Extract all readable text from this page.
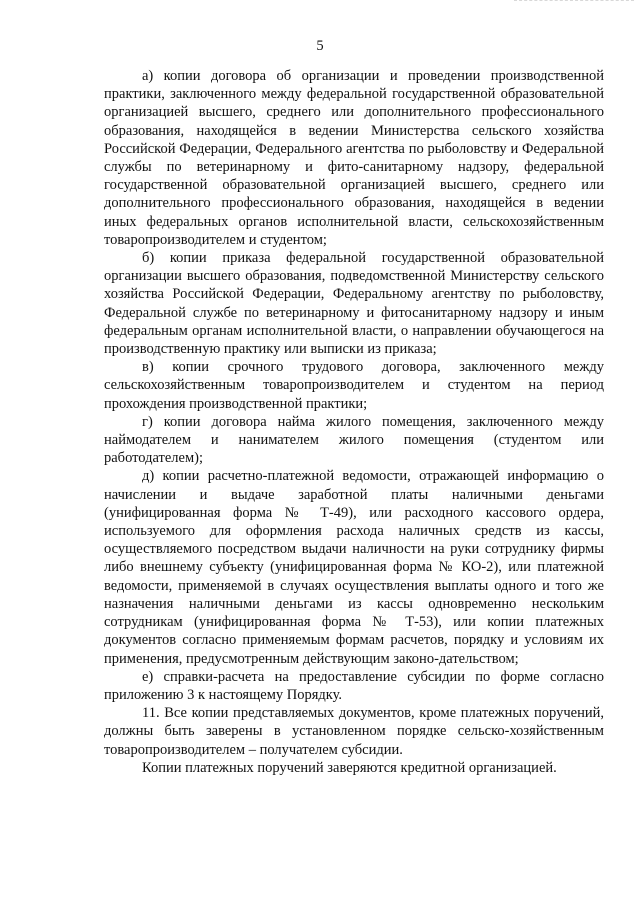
5

а) копии договора об организации и проведении производственной практики, заключенного между федеральной государственной образовательной организацией высшего, среднего или дополнительного профессионального образования, находящейся в ведении Министерства сельского хозяйства Российской Федерации, Федерального агентства по рыболовству и Федеральной службы по ветеринарному и фито-санитарному надзору, федеральной государственной образовательной организацией высшего, среднего или дополнительного профессионального образования, находящейся в ведении иных федеральных органов исполнительной власти, сельскохозяйственным товаропроизводителем и студентом;

б) копии приказа федеральной государственной образовательной организации высшего образования, подведомственной Министерству сельского хозяйства Российской Федерации, Федеральному агентству по рыболовству, Федеральной службе по ветеринарному и фитосанитарному надзору и иным федеральным органам исполнительной власти, о направлении обучающегося на производственную практику или выписки из приказа;

в) копии срочного трудового договора, заключенного между сельскохозяйственным товаропроизводителем и студентом на период прохождения производственной практики;

г) копии договора найма жилого помещения, заключенного между наймодателем и нанимателем жилого помещения (студентом или работодателем);

д) копии расчетно-платежной ведомости, отражающей информацию о начислении и выдаче заработной платы наличными деньгами (унифицированная форма № Т-49), или расходного кассового ордера, используемого для оформления расхода наличных средств из кассы, осуществляемого посредством выдачи наличности на руки сотруднику фирмы либо внешнему субъекту (унифицированная форма № КО-2), или платежной ведомости, применяемой в случаях осуществления выплаты одного и того же назначения наличными деньгами из кассы одновременно нескольким сотрудникам (унифицированная форма № Т-53), или копии платежных документов согласно применяемым формам расчетов, порядку и условиям их применения, предусмотренным действующим законо-дательством;

е) справки-расчета на предоставление субсидии по форме согласно приложению 3 к настоящему Порядку.

11. Все копии представляемых документов, кроме платежных поручений, должны быть заверены в установленном порядке сельско-хозяйственным товаропроизводителем – получателем субсидии.

Копии платежных поручений заверяются кредитной организацией.
